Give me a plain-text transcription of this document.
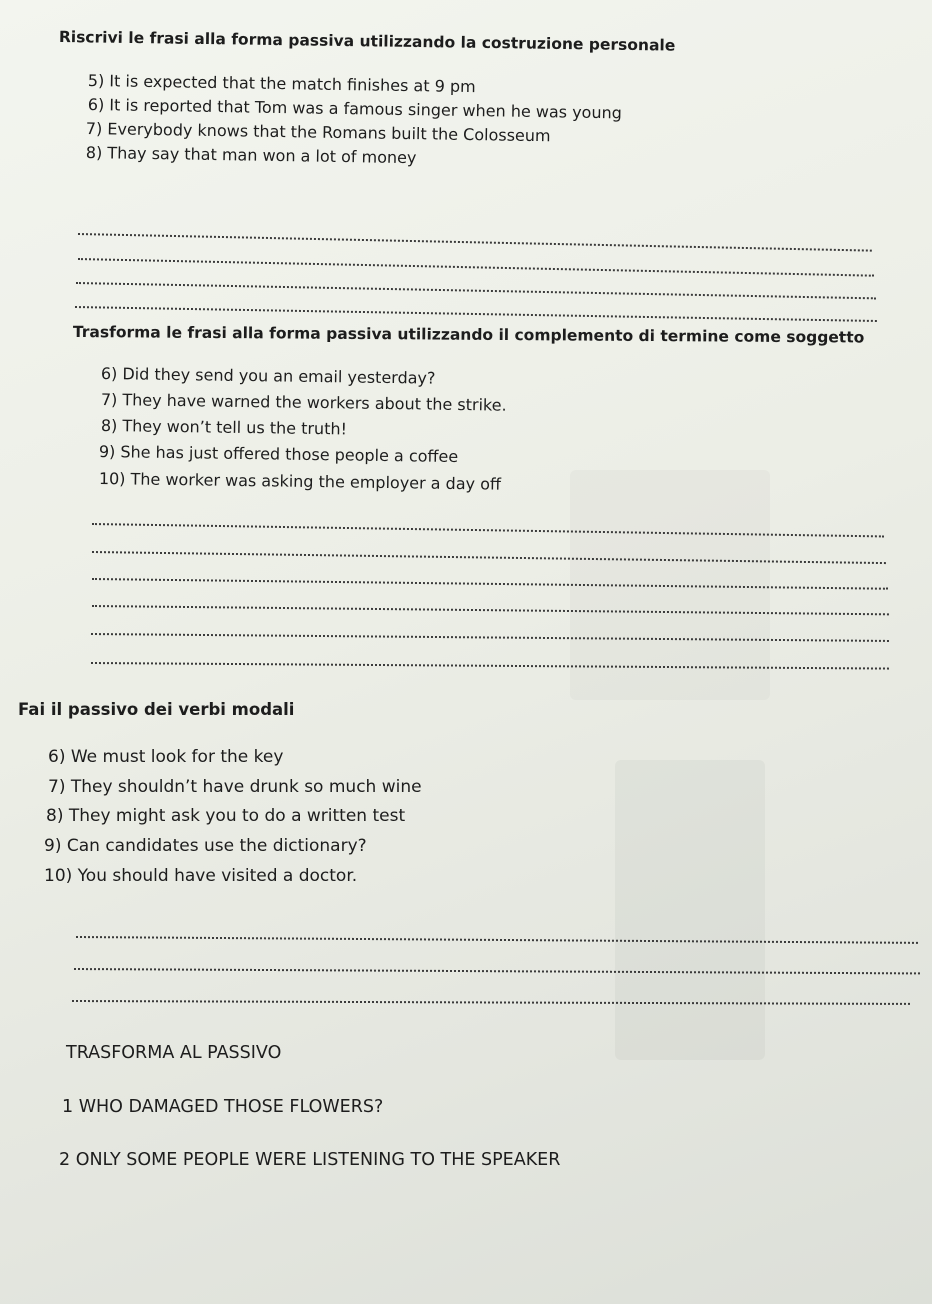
Riscrivi le frasi alla forma passiva utilizzando la costruzione personale
5) It is expected that the match finishes at 9 pm
6) It is reported that Tom was a famous singer when he was young
7) Everybody knows that the Romans built the Colosseum
8) Thay say that man won a lot of money
Trasforma le frasi alla forma passiva utilizzando il complemento di termine come soggetto
6) Did they send you an email yesterday?
7) They have warned the workers about the strike.
8) They won’t tell us the truth!
9) She has just offered those people a coffee
10) The worker was asking the employer a day off
Fai il passivo dei verbi modali
6) We must look for the key
7) They shouldn’t have drunk so much wine
8) They might ask you to do a written test
9) Can candidates use the dictionary?
10) You should have visited a doctor.
TRASFORMA AL PASSIVO
1 WHO DAMAGED THOSE FLOWERS?
2 ONLY SOME PEOPLE WERE LISTENING TO THE SPEAKER
